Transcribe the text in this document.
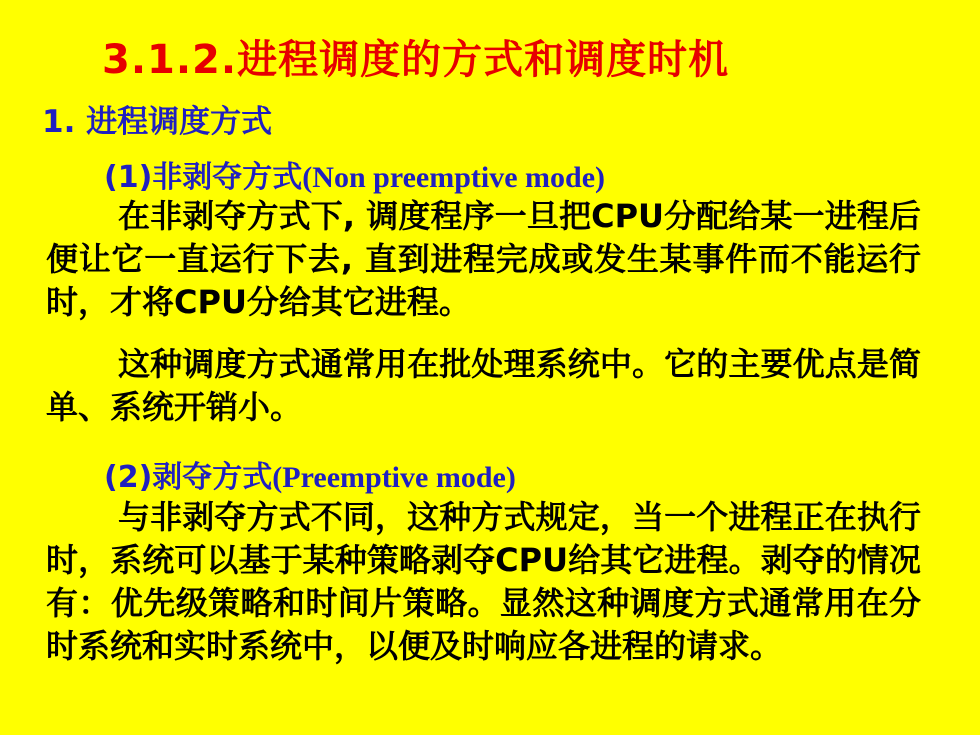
3.1.2.进程调度的方式和调度时机
1. 进程调度方式
(1)非剥夺方式(Non preemptive mode)

在非剥夺方式下, 调度程序一旦把CPU分配给某一进程后便让它一直运行下去, 直到进程完成或发生某事件而不能运行时，才将CPU分给其它进程。

这种调度方式通常用在批处理系统中。它的主要优点是简单、系统开销小。

(2)剥夺方式(Preemptive mode)

与非剥夺方式不同，这种方式规定，当一个进程正在执行时，系统可以基于某种策略剥夺CPU给其它进程。剥夺的情况有：优先级策略和时间片策略。显然这种调度方式通常用在分时系统和实时系统中，以便及时响应各进程的请求。
